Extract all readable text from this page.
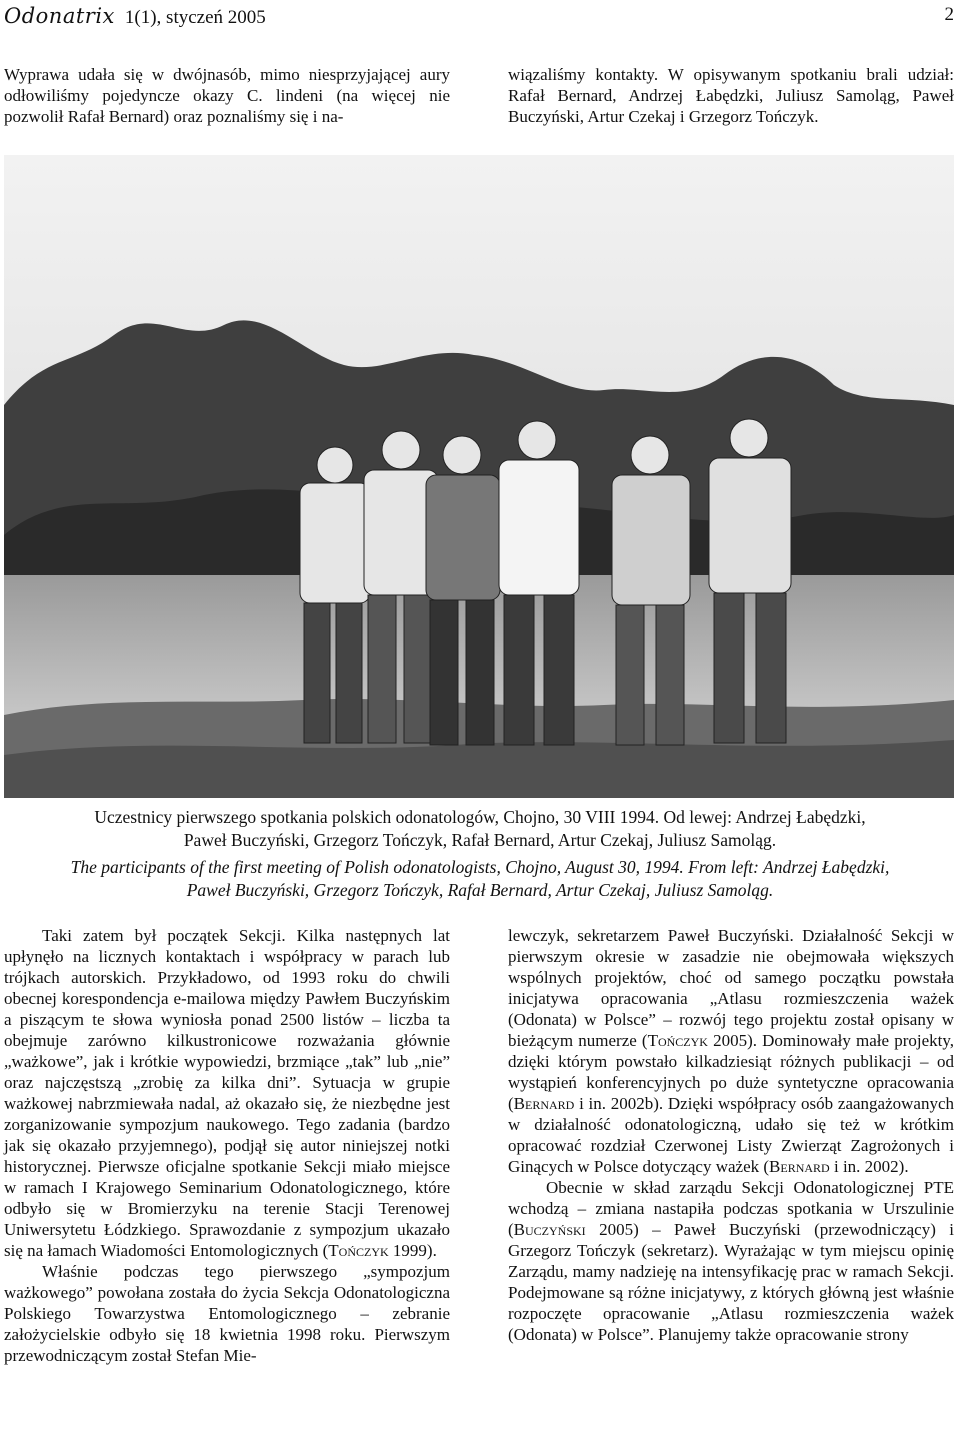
Odonatrix 1(1), styczeń 2005	2

Wyprawa udała się w dwójnasób, mimo niesprzyjającej aury odłowiliśmy pojedyncze okazy C. lindeni (na więcej nie pozwolił Rafał Bernard) oraz poznaliśmy się i na-

wiązaliśmy kontakty. W opisywanym spotkaniu brali udział: Rafał Bernard, Andrzej Łabędzki, Juliusz Samoląg, Paweł Buczyński, Artur Czekaj i Grzegorz Tończyk.

Uczestnicy pierwszego spotkania polskich odonatologów, Chojno, 30 VIII 1994. Od lewej: Andrzej Łabędzki,
Paweł Buczyński, Grzegorz Tończyk, Rafał Bernard, Artur Czekaj, Juliusz Samoląg.
The participants of the first meeting of Polish odonatologists, Chojno, August 30, 1994. From left: Andrzej Łabędzki,
Paweł Buczyński, Grzegorz Tończyk, Rafał Bernard, Artur Czekaj, Juliusz Samoląg.

Taki zatem był początek Sekcji. Kilka następnych lat upłynęło na licznych kontaktach i współpracy w parach lub trójkach autorskich. Przykładowo, od 1993 roku do chwili obecnej korespondencja e-mailowa między Pawłem Buczyńskim a piszącym te słowa wyniosła ponad 2500 listów – liczba ta obejmuje zarówno kilkustronicowe rozważania głównie „ważkowe”, jak i krótkie wypowiedzi, brzmiące „tak” lub „nie” oraz najczęstszą „zrobię za kilka dni”. Sytuacja w grupie ważkowej nabrzmiewała nadal, aż okazało się, że niezbędne jest zorganizowanie sympozjum naukowego. Tego zadania (bardzo jak się okazało przyjemnego), podjął się autor niniejszej notki historycznej. Pierwsze oficjalne spotkanie Sekcji miało miejsce w ramach I Krajowego Seminarium Odonatologicznego, które odbyło się w Bromierzyku na terenie Stacji Terenowej Uniwersytetu Łódzkiego. Sprawozdanie z sympozjum ukazało się na łamach Wiadomości Entomologicznych (Tończyk 1999).

Właśnie podczas tego pierwszego „sympozjum ważkowego” powołana została do życia Sekcja Odonatologiczna Polskiego Towarzystwa Entomologicznego – zebranie założycielskie odbyło się 18 kwietnia 1998 roku. Pierwszym przewodniczącym został Stefan Mie-

lewczyk, sekretarzem Paweł Buczyński. Działalność Sekcji w pierwszym okresie w zasadzie nie obejmowała większych wspólnych projektów, choć od samego początku powstała inicjatywa opracowania „Atlasu rozmieszczenia ważek (Odonata) w Polsce” – rozwój tego projektu został opisany w bieżącym numerze (Tończyk 2005). Dominowały małe projekty, dzięki którym powstało kilkadziesiąt różnych publikacji – od wystąpień konferencyjnych po duże syntetyczne opracowania (Bernard i in. 2002b). Dzięki współpracy osób zaangażowanych w działalność odonatologiczną, udało się też w krótkim opracować rozdział Czerwonej Listy Zwierząt Zagrożonych i Ginących w Polsce dotyczący ważek (Bernard i in. 2002).

Obecnie w skład zarządu Sekcji Odonatologicznej PTE wchodzą – zmiana nastapiła podczas spotkania w Urszulinie (Buczyński 2005) – Paweł Buczyński (przewodniczący) i Grzegorz Tończyk (sekretarz). Wyrażając w tym miejscu opinię Zarządu, mamy nadzieję na intensyfikację prac w ramach Sekcji. Podejmowane są różne inicjatywy, z których główną jest właśnie rozpoczęte opracowanie „Atlasu rozmieszczenia ważek (Odonata) w Polsce”. Planujemy także opracowanie strony
